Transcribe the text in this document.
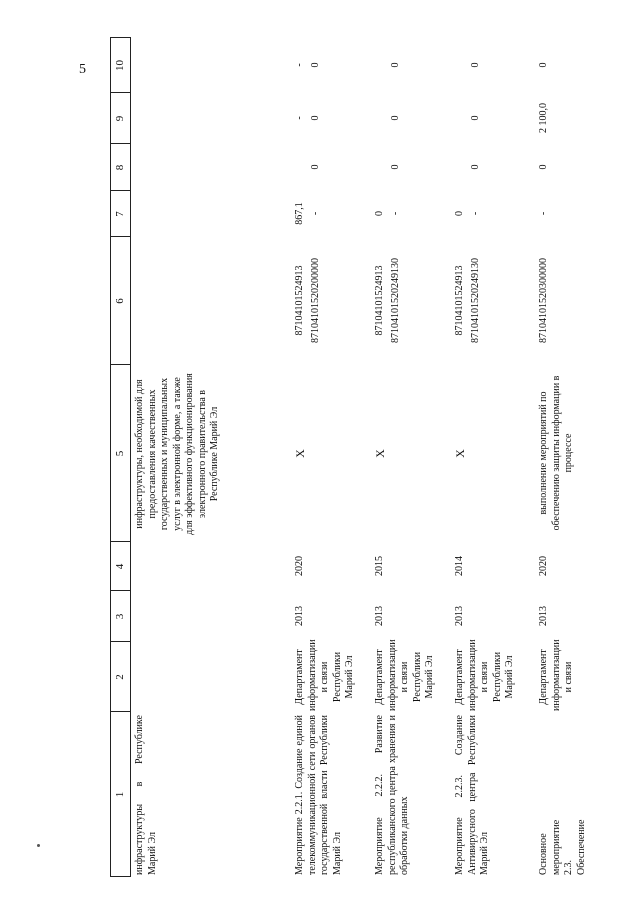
5
1
2
3
4
5
6
7
8
9
10
инфраструктуры в Республике Марий Эл
инфраструктуры, необходимой для предоставления качественных государственных и муниципальных услуг в электронной форме, а также для эффективного функционирования электронного правительства в Республике Марий Эл
Мероприятие 2.2.1. Создание единой телекоммуникационной сети органов государственной власти Республики Марий Эл
Департамент информатизации и связи Республики Марий Эл
2013
2020
X
87104101524913 87104101520200000
867,1 -
0
- 0
- 0
Мероприятие 2.2.2. Развитие республиканского центра хранения и обработки данных
Департамент информатизации и связи Республики Марий Эл
2013
2015
X
87104101524913 87104101520249130
0 -
0
0
0
Мероприятие 2.2.3. Создание Антивирусного центра Республики Марий Эл
Департамент информатизации и связи Республики Марий Эл
2013
2014
X
87104101524913 87104101520249130
0 -
0
0
0
Основное мероприятие 2.3. Обеспечение
Департамент информатизации и связи
2013
2020
выполнение мероприятий по обеспечению защиты информации в процессе
87104101520300000
-
0
2 100,0
0
